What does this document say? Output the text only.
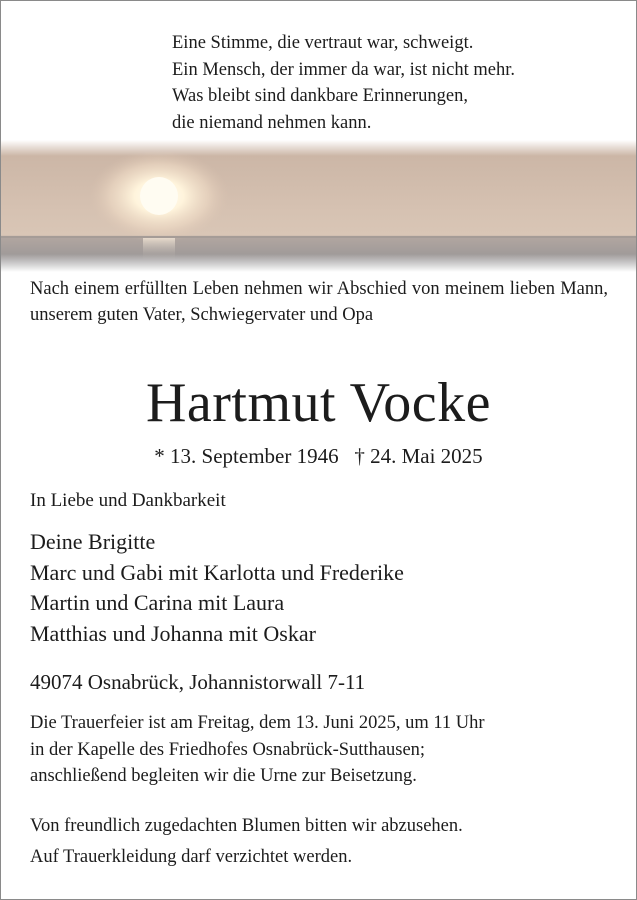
Eine Stimme, die vertraut war, schweigt.
Ein Mensch, der immer da war, ist nicht mehr.
Was bleibt sind dankbare Erinnerungen,
die niemand nehmen kann.
Nach einem erfüllten Leben nehmen wir Abschied von meinem lieben Mann, unserem guten Vater, Schwiegervater und Opa
Hartmut Vocke
* 13. September 1946   † 24. Mai 2025
In Liebe und Dankbarkeit
Deine Brigitte
Marc und Gabi mit Karlotta und Frederike
Martin und Carina mit Laura
Matthias und Johanna mit Oskar
49074 Osnabrück, Johannistorwall 7-11
Die Trauerfeier ist am Freitag, dem 13. Juni 2025, um 11 Uhr
in der Kapelle des Friedhofes Osnabrück-Sutthausen;
anschließend begleiten wir die Urne zur Beisetzung.
Von freundlich zugedachten Blumen bitten wir abzusehen.
Auf Trauerkleidung darf verzichtet werden.
